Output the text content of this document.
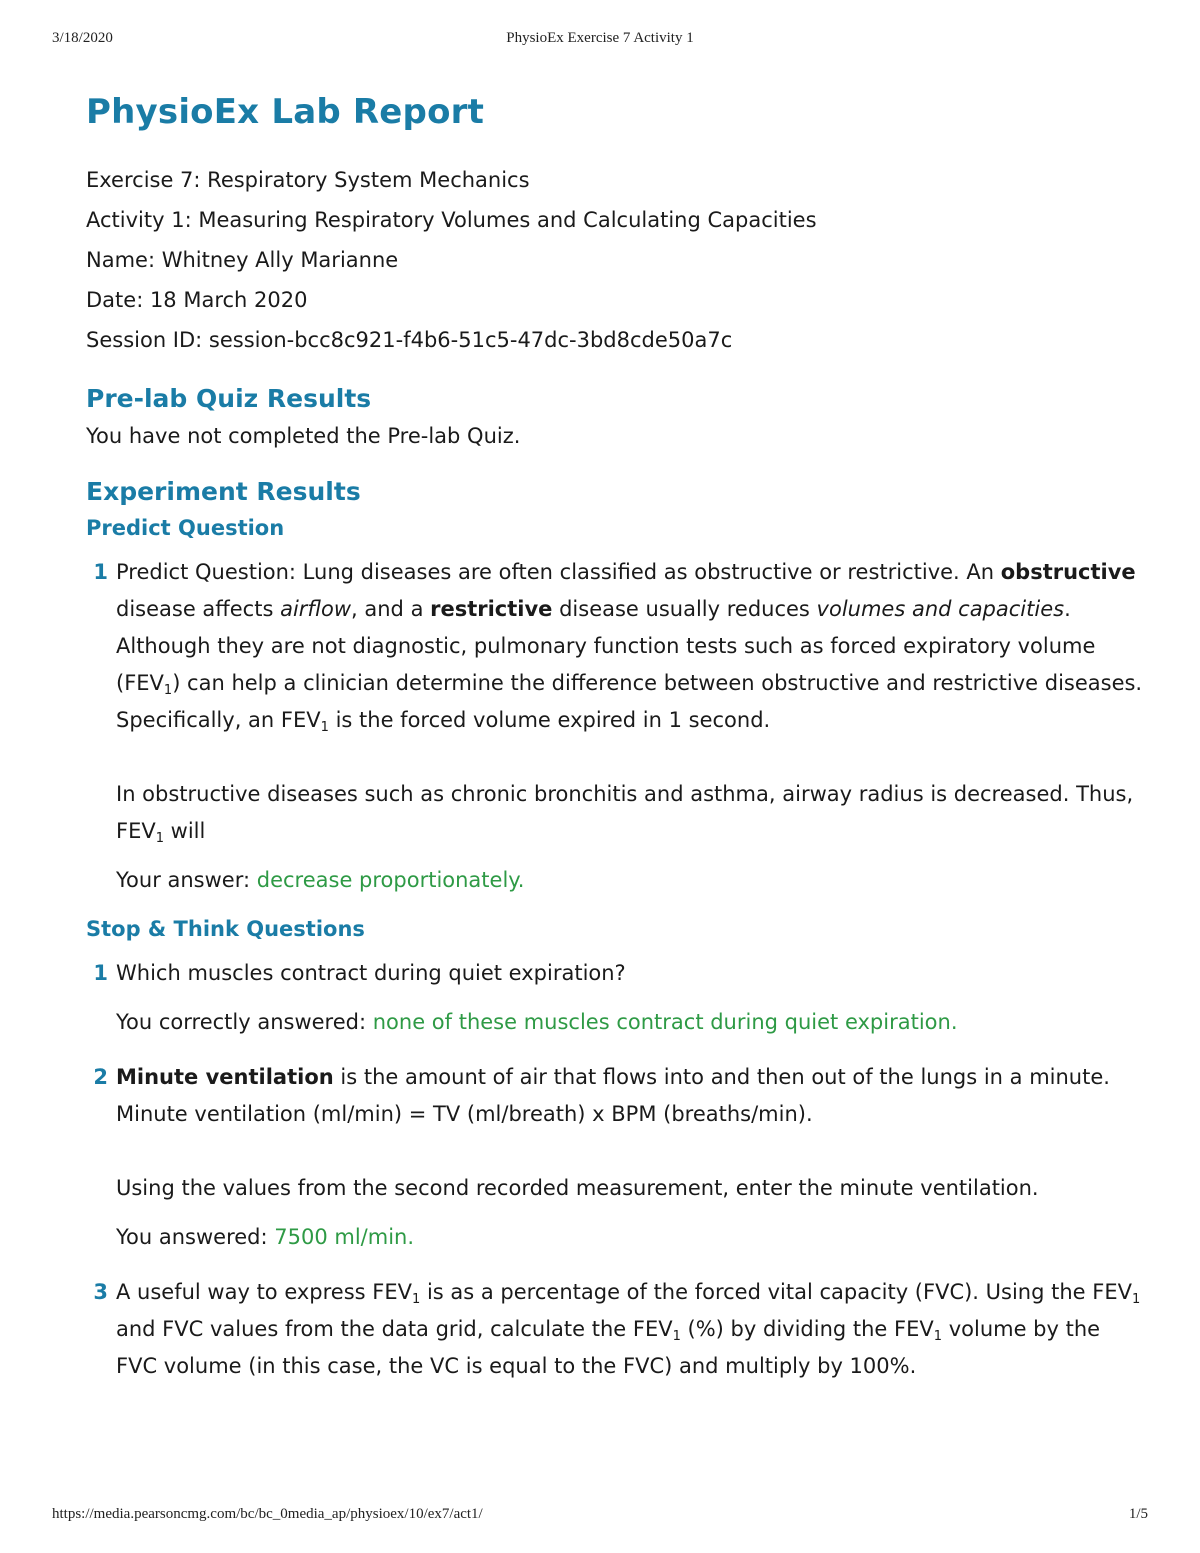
3/18/2020	PhysioEx Exercise 7 Activity 1
PhysioEx Lab Report
Exercise 7: Respiratory System Mechanics
Activity 1: Measuring Respiratory Volumes and Calculating Capacities
Name: Whitney Ally Marianne
Date: 18 March 2020
Session ID: session-bcc8c921-f4b6-51c5-47dc-3bd8cde50a7c
Pre-lab Quiz Results

You have not completed the Pre-lab Quiz.

Experiment Results
Predict Question
1 Predict Question: Lung diseases are often classified as obstructive or restrictive. An obstructive disease affects airflow, and a restrictive disease usually reduces volumes and capacities. Although they are not diagnostic, pulmonary function tests such as forced expiratory volume $(FEV_1)$ can help a clinician determine the difference between obstructive and restrictive diseases. Specifically, an $FEV_1$ is the forced volume expired in 1 second.

In obstructive diseases such as chronic bronchitis and asthma, airway radius is decreased. Thus, $FEV_1$ will

Your answer: decrease proportionately.
Stop & Think Questions
1 Which muscles contract during quiet expiration?
You correctly answered: none of these muscles contract during quiet expiration.
2 Minute ventilation is the amount of air that flows into and then out of the lungs in a minute. Minute ventilation (ml/min) = TV (ml/breath) x BPM (breaths/min).

Using the values from the second recorded measurement, enter the minute ventilation.

You answered: 7500 ml/min.
3 A useful way to express $FEV_1$ is as a percentage of the forced vital capacity (FVC). Using the $FEV_1$ and FVC values from the data grid, calculate the $FEV_1$ (%) by dividing the $FEV_1$ volume by the FVC volume (in this case, the VC is equal to the FVC) and multiply by 100%.

https://media.pearsoncmg.com/bc/bc_0media_ap/physioex/10/ex7/act1/	1/5
